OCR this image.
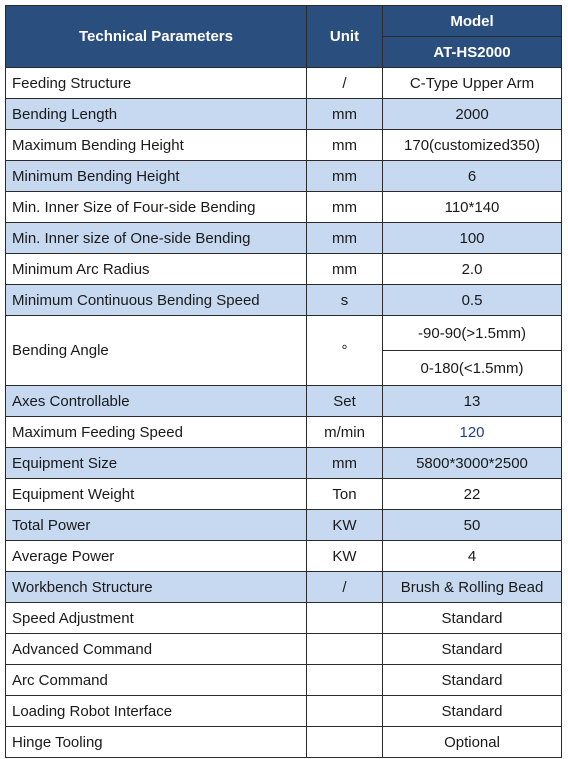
Technical Parameters	Unit	Model
		AT-HS2000
Feeding Structure	/	C-Type Upper Arm
Bending Length	mm	2000
Maximum Bending Height	mm	170(customized350)
Minimum Bending Height	mm	6
Min. Inner Size of Four-side Bending	mm	110*140
Min. Inner size of One-side Bending	mm	100
Minimum Arc Radius	mm	2.0
Minimum Continuous Bending Speed	s	0.5
Bending Angle	°	-90-90(>1.5mm)
		0-180(<1.5mm)
Axes Controllable	Set	13
Maximum Feeding Speed	m/min	120
Equipment Size	mm	5800*3000*2500
Equipment Weight	Ton	22
Total Power	KW	50
Average Power	KW	4
Workbench Structure	/	Brush & Rolling Bead
Speed Adjustment		Standard
Advanced Command		Standard
Arc Command		Standard
Loading Robot Interface		Standard
Hinge Tooling		Optional
